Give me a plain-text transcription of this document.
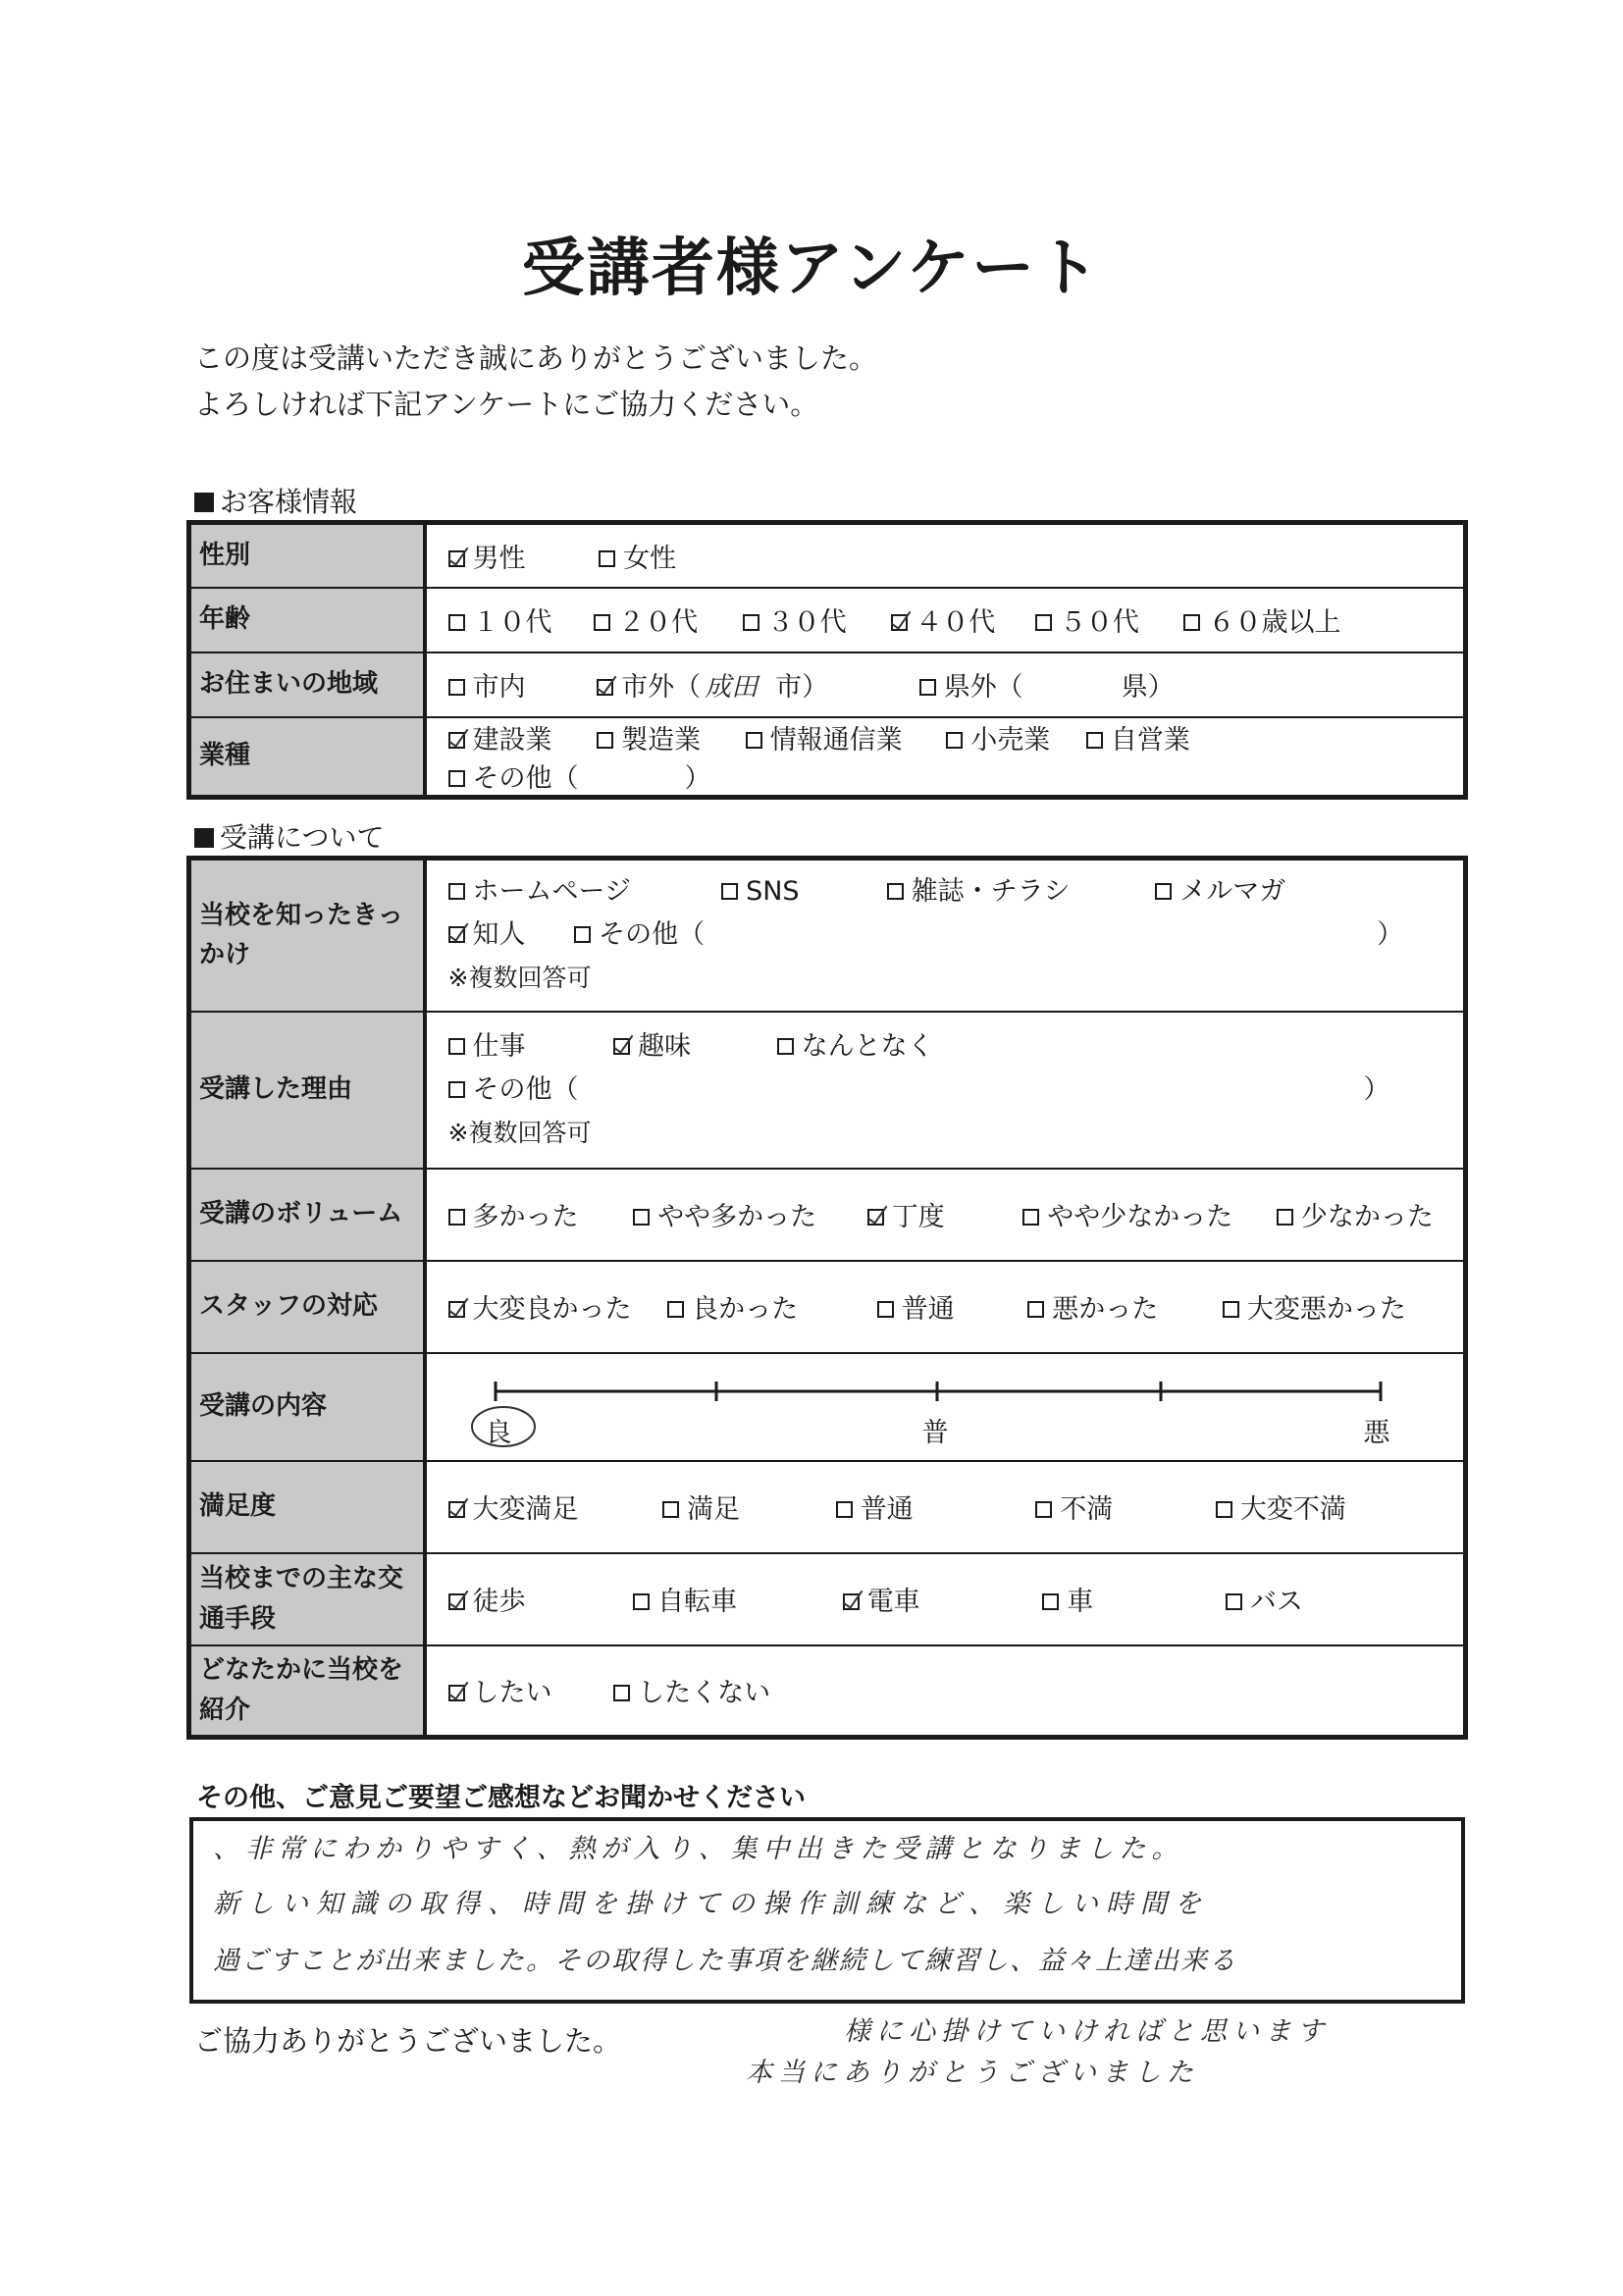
受講者様アンケート
この度は受講いただき誠にありがとうございました。
よろしければ下記アンケートにご協力ください。
お客様情報
性別	男性 女性
年齢	１０代 ２０代 ３０代 ４０代 ５０代 ６０歳以上
お住まいの地域	市内 市外（ 成田 市） 県外（ 県）
業種	建設業 製造業 情報通信業 小売業 自営業 その他（ ）
受講について
当校を知ったきっかけ	ホームページ SNS 雑誌・チラシ メルマガ
知人 その他（ ）
※複数回答可

受講した理由	仕事 趣味 なんとなく
その他（ ）
※複数回答可

受講のボリューム	多かった やや多かった 丁度 やや少なかった 少なかった
スタッフの対応	大変良かった 良かった 普通 悪かった 大変悪かった
受講の内容	良 普 悪

満足度	大変満足 満足 普通 不満 大変不満
当校までの主な交通手段	徒歩 自転車 電車 車 バス
どなたかに当校を紹介	したい したくない
その他、ご意見ご要望ご感想などお聞かせください
、非常にわかりやすく、熱が入り、集中出きた受講となりました。
新しい知識の取得、時間を掛けての操作訓練など、楽しい時間を
過ごすことが出来ました。その取得した事項を継続して練習し、益々上達出来る
様に心掛けていければと思います
本当にありがとうございました
ご協力ありがとうございました。
